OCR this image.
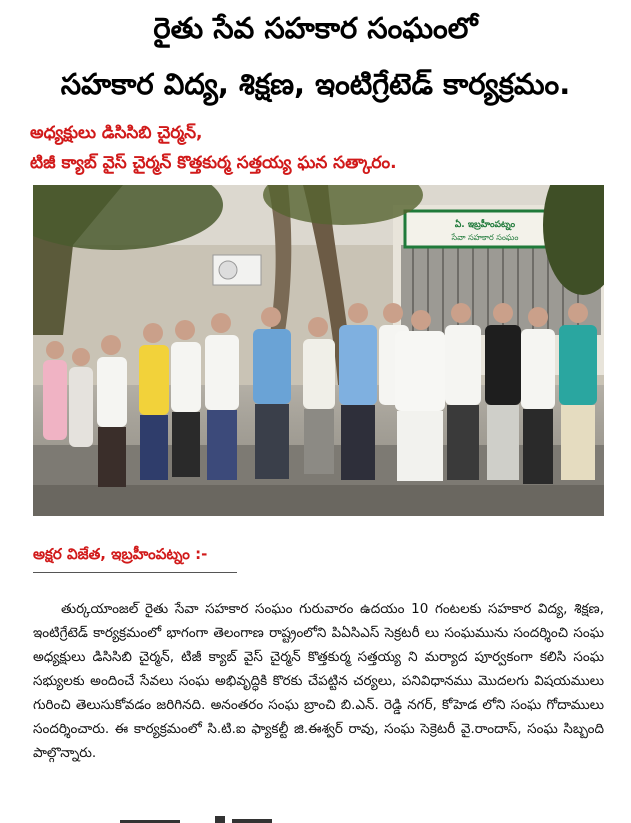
రైతు సేవ సహకార సంఘంలో
సహకార విద్య, శిక్షణ, ఇంటిగ్రేటెడ్ కార్యక్రమం.
అధ్యక్షులు డిసిసిబి చైర్మన్,
టిజీ క్యాబ్ వైస్ చైర్మన్ కొత్తకుర్మ సత్తయ్య ఘన సత్కారం.
ఏ. ఇబ్రహీంపట్నం
సేవా సహకార సంఘం
అక్షర విజేత, ఇబ్రహీంపట్నం :-
తుర్కయాంజల్ రైతు సేవా సహకార సంఘం గురువారం ఉదయం 10 గంటలకు సహకార విద్య, శిక్షణ, ఇంటిగ్రేటెడ్ కార్యక్రమంలో భాగంగా తెలంగాణ రాష్ట్రంలోని పిఏసిఎస్ సెక్రటరీ లు సంఘమును సందర్శించి సంఘ అధ్యక్షులు డిసిసిబి చైర్మన్, టిజీ క్యాబ్ వైస్ చైర్మన్ కొత్తకుర్మ సత్తయ్య ని మర్యాద పూర్వకంగా కలిసి సంఘ సభ్యులకు అందించే సేవలు సంఘ అభివృద్ధికి కొరకు చేపట్టిన చర్యలు, పనివిధానము మొదలగు విషయములు గురించి తెలుసుకోవడం జరిగినది. అనంతరం సంఘ బ్రాంచి బి.ఎన్. రెడ్డి నగర్, కోహెడ లోని సంఘ గోదాములు సందర్శించారు. ఈ కార్యక్రమంలో సి.టి.ఐ ఫ్యాకల్టీ జి.ఈశ్వర్ రావు, సంఘ సెక్రెటరీ వై.రాందాస్, సంఘ సిబ్బంది పాల్గొన్నారు.
